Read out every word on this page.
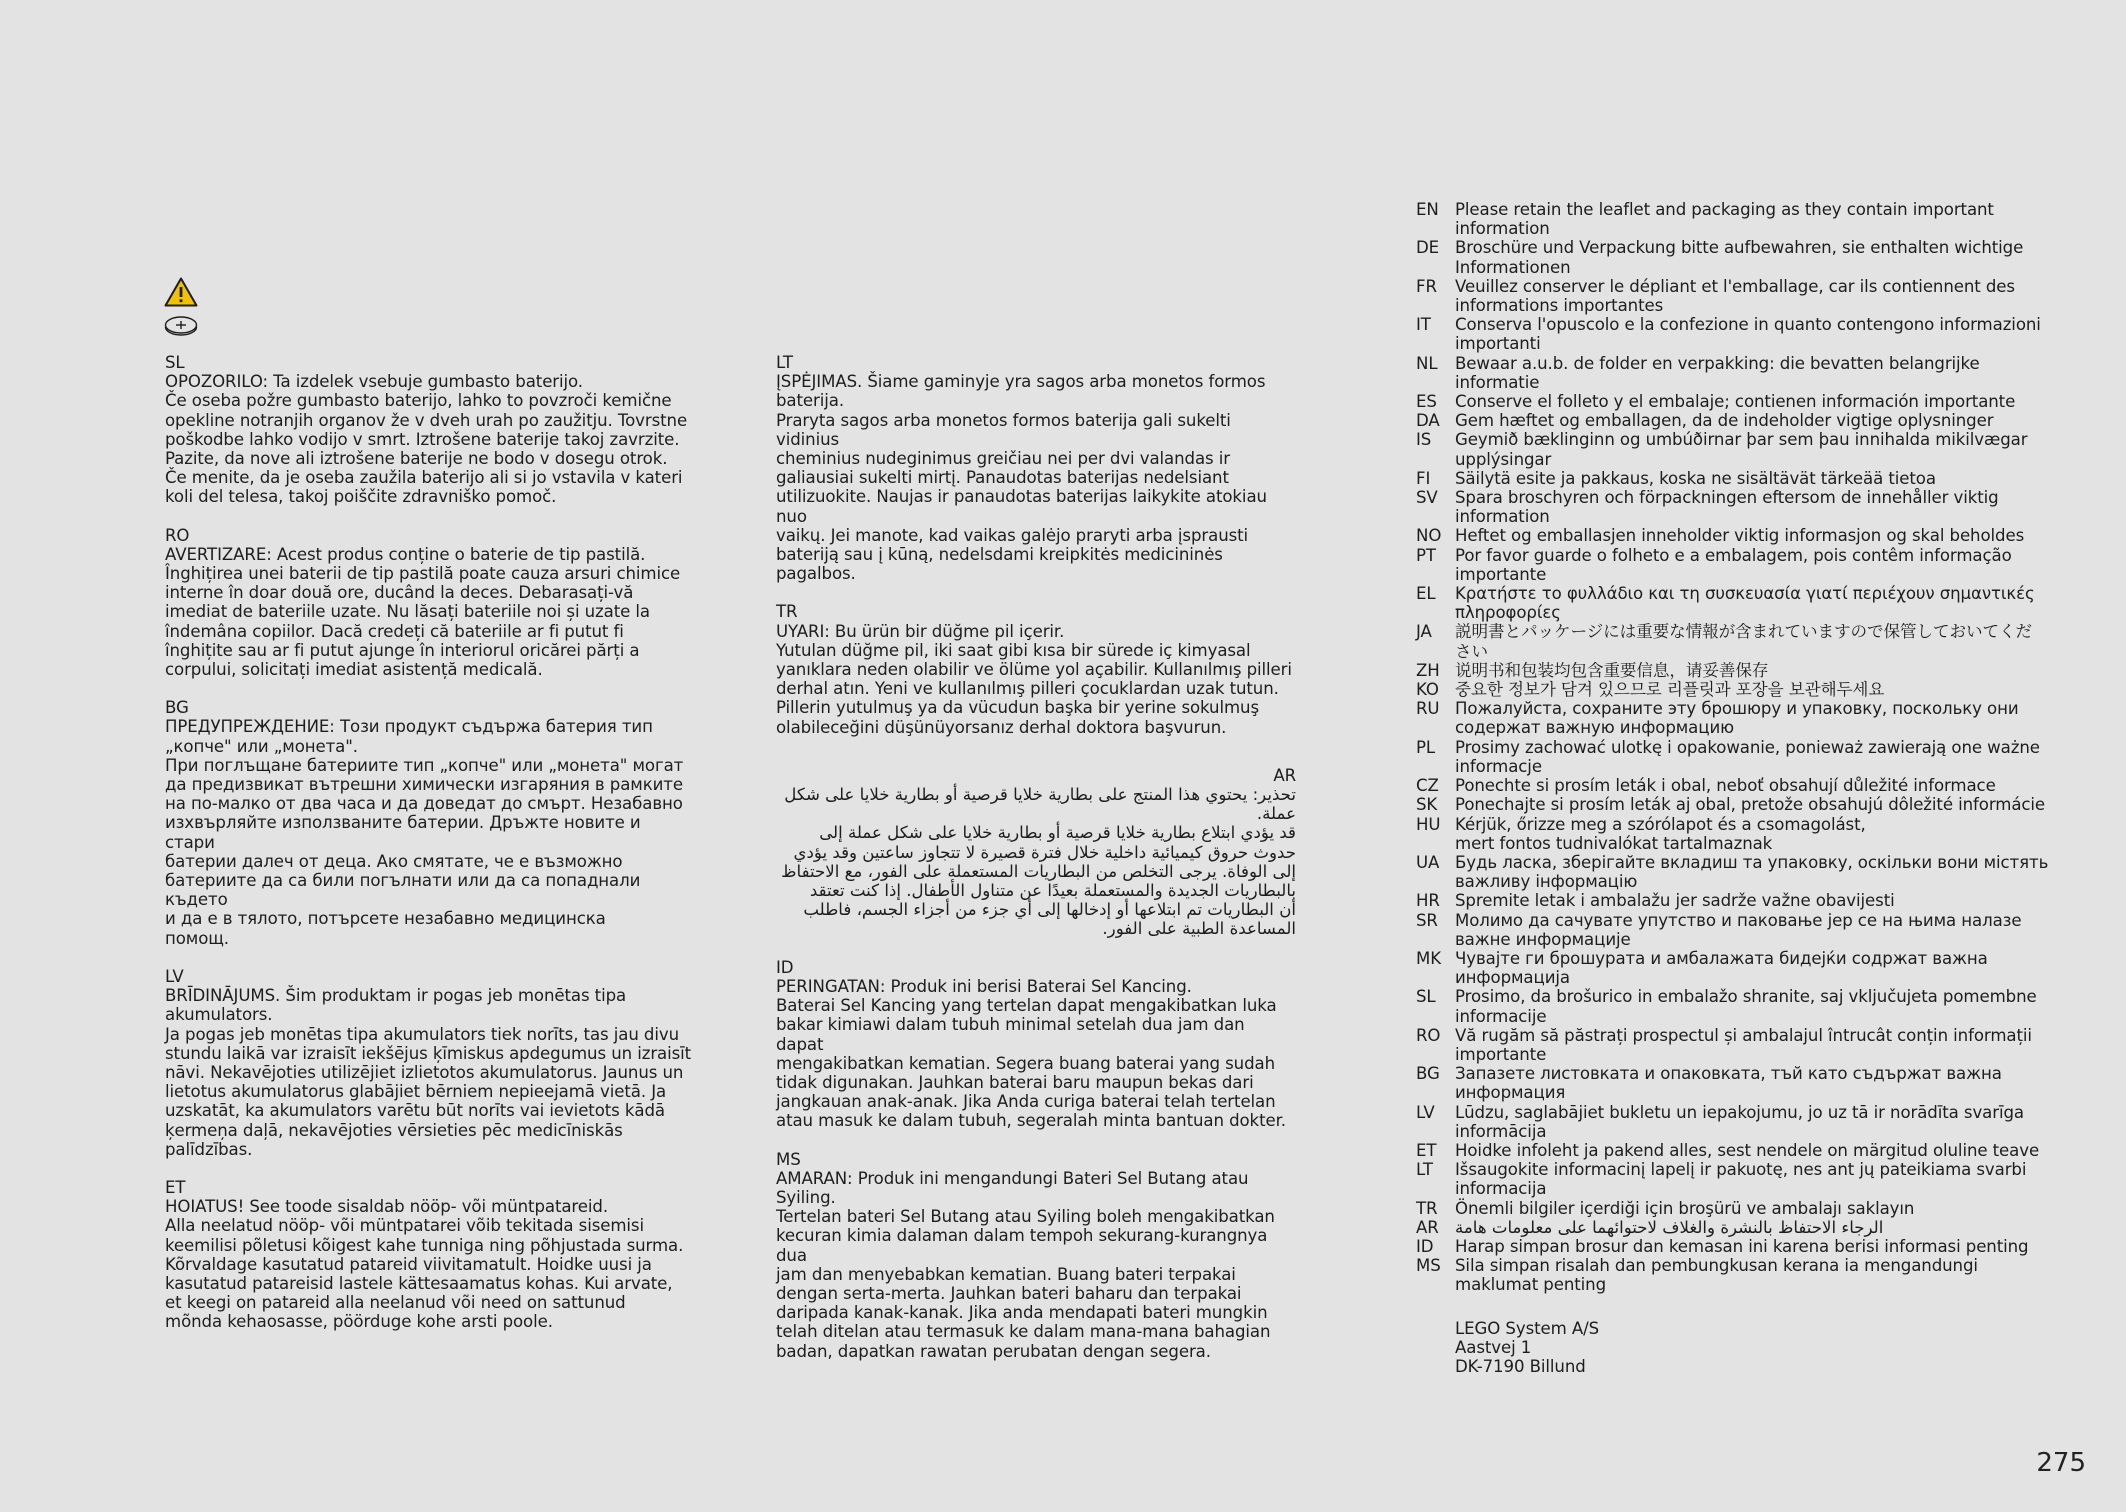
SL

OPOZORILO: Ta izdelek vsebuje gumbasto baterijo.

Če oseba požre gumbasto baterijo, lahko to povzroči kemične

opekline notranjih organov že v dveh urah po zaužitju. Tovrstne

poškodbe lahko vodijo v smrt. Iztrošene baterije takoj zavrzite.

Pazite, da nove ali iztrošene baterije ne bodo v dosegu otrok.

Če menite, da je oseba zaužila baterijo ali si jo vstavila v kateri

koli del telesa, takoj poiščite zdravniško pomoč.

RO

AVERTIZARE: Acest produs conține o baterie de tip pastilă.

Înghițirea unei baterii de tip pastilă poate cauza arsuri chimice

interne în doar două ore, ducând la deces. Debarasați-vă

imediat de bateriile uzate. Nu lăsați bateriile noi și uzate la

îndemâna copiilor. Dacă credeți că bateriile ar fi putut fi

înghițite sau ar fi putut ajunge în interiorul oricărei părți a

corpului, solicitați imediat asistență medicală.

BG

ПРЕДУПРЕЖДЕНИЕ: Този продукт съдържа батерия тип

„копче" или „монета".

При поглъщане батериите тип „копче" или „монета" могат

да предизвикат вътрешни химически изгаряния в рамките

на по-малко от два часа и да доведат до смърт. Незабавно

изхвърляйте използваните батерии. Дръжте новите и стари

батерии далеч от деца. Ако смятате, че е възможно

батериите да са били погълнати или да са попаднали където

и да е в тялото, потърсете незабавно медицинска

помощ.

LV

BRĪDINĀJUMS. Šim produktam ir pogas jeb monētas tipa

akumulators.

Ja pogas jeb monētas tipa akumulators tiek norīts, tas jau divu

stundu laikā var izraisīt iekšējus ķīmiskus apdegumus un izraisīt

nāvi. Nekavējoties utilizējiet izlietotos akumulatorus. Jaunus un

lietotus akumulatorus glabājiet bērniem nepieejamā vietā. Ja

uzskatāt, ka akumulators varētu būt norīts vai ievietots kādā

ķermeņa daļā, nekavējoties vērsieties pēc medicīniskās

palīdzības.

ET

HOIATUS! See toode sisaldab nööp- või müntpatareid.

Alla neelatud nööp- või müntpatarei võib tekitada sisemisi

keemilisi põletusi kõigest kahe tunniga ning põhjustada surma.

Kõrvaldage kasutatud patareid viivitamatult. Hoidke uusi ja

kasutatud patareisid lastele kättesaamatus kohas. Kui arvate,

et keegi on patareid alla neelanud või need on sattunud

mõnda kehaosasse, pöörduge kohe arsti poole.

LT

ĮSPĖJIMAS. Šiame gaminyje yra sagos arba monetos formos

baterija.

Praryta sagos arba monetos formos baterija gali sukelti vidinius

cheminius nudeginimus greičiau nei per dvi valandas ir

galiausiai sukelti mirtį. Panaudotas baterijas nedelsiant

utilizuokite. Naujas ir panaudotas baterijas laikykite atokiau nuo

vaikų. Jei manote, kad vaikas galėjo praryti arba įsprausti

bateriją sau į kūną, nedelsdami kreipkitės medicininės

pagalbos.

TR

UYARI: Bu ürün bir düğme pil içerir.

Yutulan düğme pil, iki saat gibi kısa bir sürede iç kimyasal

yanıklara neden olabilir ve ölüme yol açabilir. Kullanılmış pilleri

derhal atın. Yeni ve kullanılmış pilleri çocuklardan uzak tutun.

Pillerin yutulmuş ya da vücudun başka bir yerine sokulmuş

olabileceğini düşünüyorsanız derhal doktora başvurun.

AR

تحذير: يحتوي هذا المنتج على بطارية خلايا قرصية أو بطارية خلايا على شكل

عملة.

قد يؤدي ابتلاع بطارية خلايا قرصية أو بطارية خلايا على شكل عملة إلى

حدوث حروق كيميائية داخلية خلال فترة قصيرة لا تتجاوز ساعتين وقد يؤدي

إلى الوفاة. يرجى التخلص من البطاريات المستعملة على الفور، مع الاحتفاظ

بالبطاريات الجديدة والمستعملة بعيدًا عن متناول الأطفال. إذا كنت تعتقد

أن البطاريات تم ابتلاعها أو إدخالها إلى أي جزء من أجزاء الجسم، فاطلب

المساعدة الطبية على الفور.

ID

PERINGATAN: Produk ini berisi Baterai Sel Kancing.

Baterai Sel Kancing yang tertelan dapat mengakibatkan luka

bakar kimiawi dalam tubuh minimal setelah dua jam dan dapat

mengakibatkan kematian. Segera buang baterai yang sudah

tidak digunakan. Jauhkan baterai baru maupun bekas dari

jangkauan anak-anak. Jika Anda curiga baterai telah tertelan

atau masuk ke dalam tubuh, segeralah minta bantuan dokter.

MS

AMARAN: Produk ini mengandungi Bateri Sel Butang atau

Syiling.

Tertelan bateri Sel Butang atau Syiling boleh mengakibatkan

kecuran kimia dalaman dalam tempoh sekurang-kurangnya dua

jam dan menyebabkan kematian. Buang bateri terpakai

dengan serta-merta. Jauhkan bateri baharu dan terpakai

daripada kanak-kanak. Jika anda mendapati bateri mungkin

telah ditelan atau termasuk ke dalam mana-mana bahagian

badan, dapatkan rawatan perubatan dengan segera.

EN Please retain the leaflet and packaging as they contain important
information
DE Broschüre und Verpackung bitte aufbewahren, sie enthalten wichtige
Informationen
FR	Veuillez conserver le dépliant et l'emballage, car ils contiennent des
informations importantes
IT	Conserva l'opuscolo e la confezione in quanto contengono informazioni
importanti
NL	Bewaar a.u.b. de folder en verpakking: die bevatten belangrijke
informatie
ES	Conserve el folleto y el embalaje; contienen información importante
DA Gem hæftet og emballagen, da de indeholder vigtige oplysninger
IS	Geymið bæklinginn og umbúðirnar þar sem þau innihalda mikilvægar
upplýsingar
FI	Säilytä esite ja pakkaus, koska ne sisältävät tärkeää tietoa
SV	Spara broschyren och förpackningen eftersom de innehåller viktig
information
NO Heftet og emballasjen inneholder viktig informasjon og skal beholdes
PT	Por favor guarde o folheto e a embalagem, pois contêm informação
importante
EL	Κρατήστε το φυλλάδιο και τη συσκευασία γιατί περιέχουν σημαντικές
πληροφορίες
JA	説明書とパッケージには重要な情報が含まれていますので保管しておいてくだ
さい
ZH 说明书和包装均包含重要信息，请妥善保存
KO 중요한 정보가 담겨 있으므로 리플릿과 포장을 보관해두세요
RU Пожалуйста, сохраните эту брошюру и упаковку, поскольку они
содержат важную информацию
PL	Prosimy zachować ulotkę i opakowanie, ponieważ zawierają one ważne
informacje
CZ Ponechte si prosím leták i obal, neboť obsahují důležité informace
SK	Ponechajte si prosím leták aj obal, pretože obsahujú dôležité informácie
HU Kérjük, őrizze meg a szórólapot és a csomagolást,
mert fontos tudnivalókat tartalmaznak
UA Будь ласка, зберігайте вкладиш та упаковку, оскільки вони містять
важливу інформацію
HR Spremite letak i ambalažu jer sadrže važne obavijesti
SR	Молимо да сачувате упутство и паковање јер се на њима налазе
важне информације
MK Чувајте ги брошурата и амбалажата бидејќи содржат важна
информација
SL	Prosimo, da brošurico in embalažo shranite, saj vključujeta pomembne
informacije
RO Vă rugăm să păstrați prospectul și ambalajul întrucât conțin informații
importante
BG Запазете листовката и опаковката, тъй като съдържат важна
информация
LV	Lūdzu, saglabājiet bukletu un iepakojumu, jo uz tā ir norādīta svarīga
informācija
ET	Hoidke infoleht ja pakend alles, sest nendele on märgitud oluline teave
LT	Išsaugokite informacinį lapelį ir pakuotę, nes ant jų pateikiama svarbi
informacija
TR	Önemli bilgiler içerdiği için broşürü ve ambalajı saklayın
AR الرجاء الاحتفاظ بالنشرة والغلاف لاحتوائهما على معلومات هامة
ID	Harap simpan brosur dan kemasan ini karena berisi informasi penting
MS Sila simpan risalah dan pembungkusan kerana ia mengandungi
maklumat penting
LEGO System A/S
Aastvej 1
DK-7190 Billund
275
